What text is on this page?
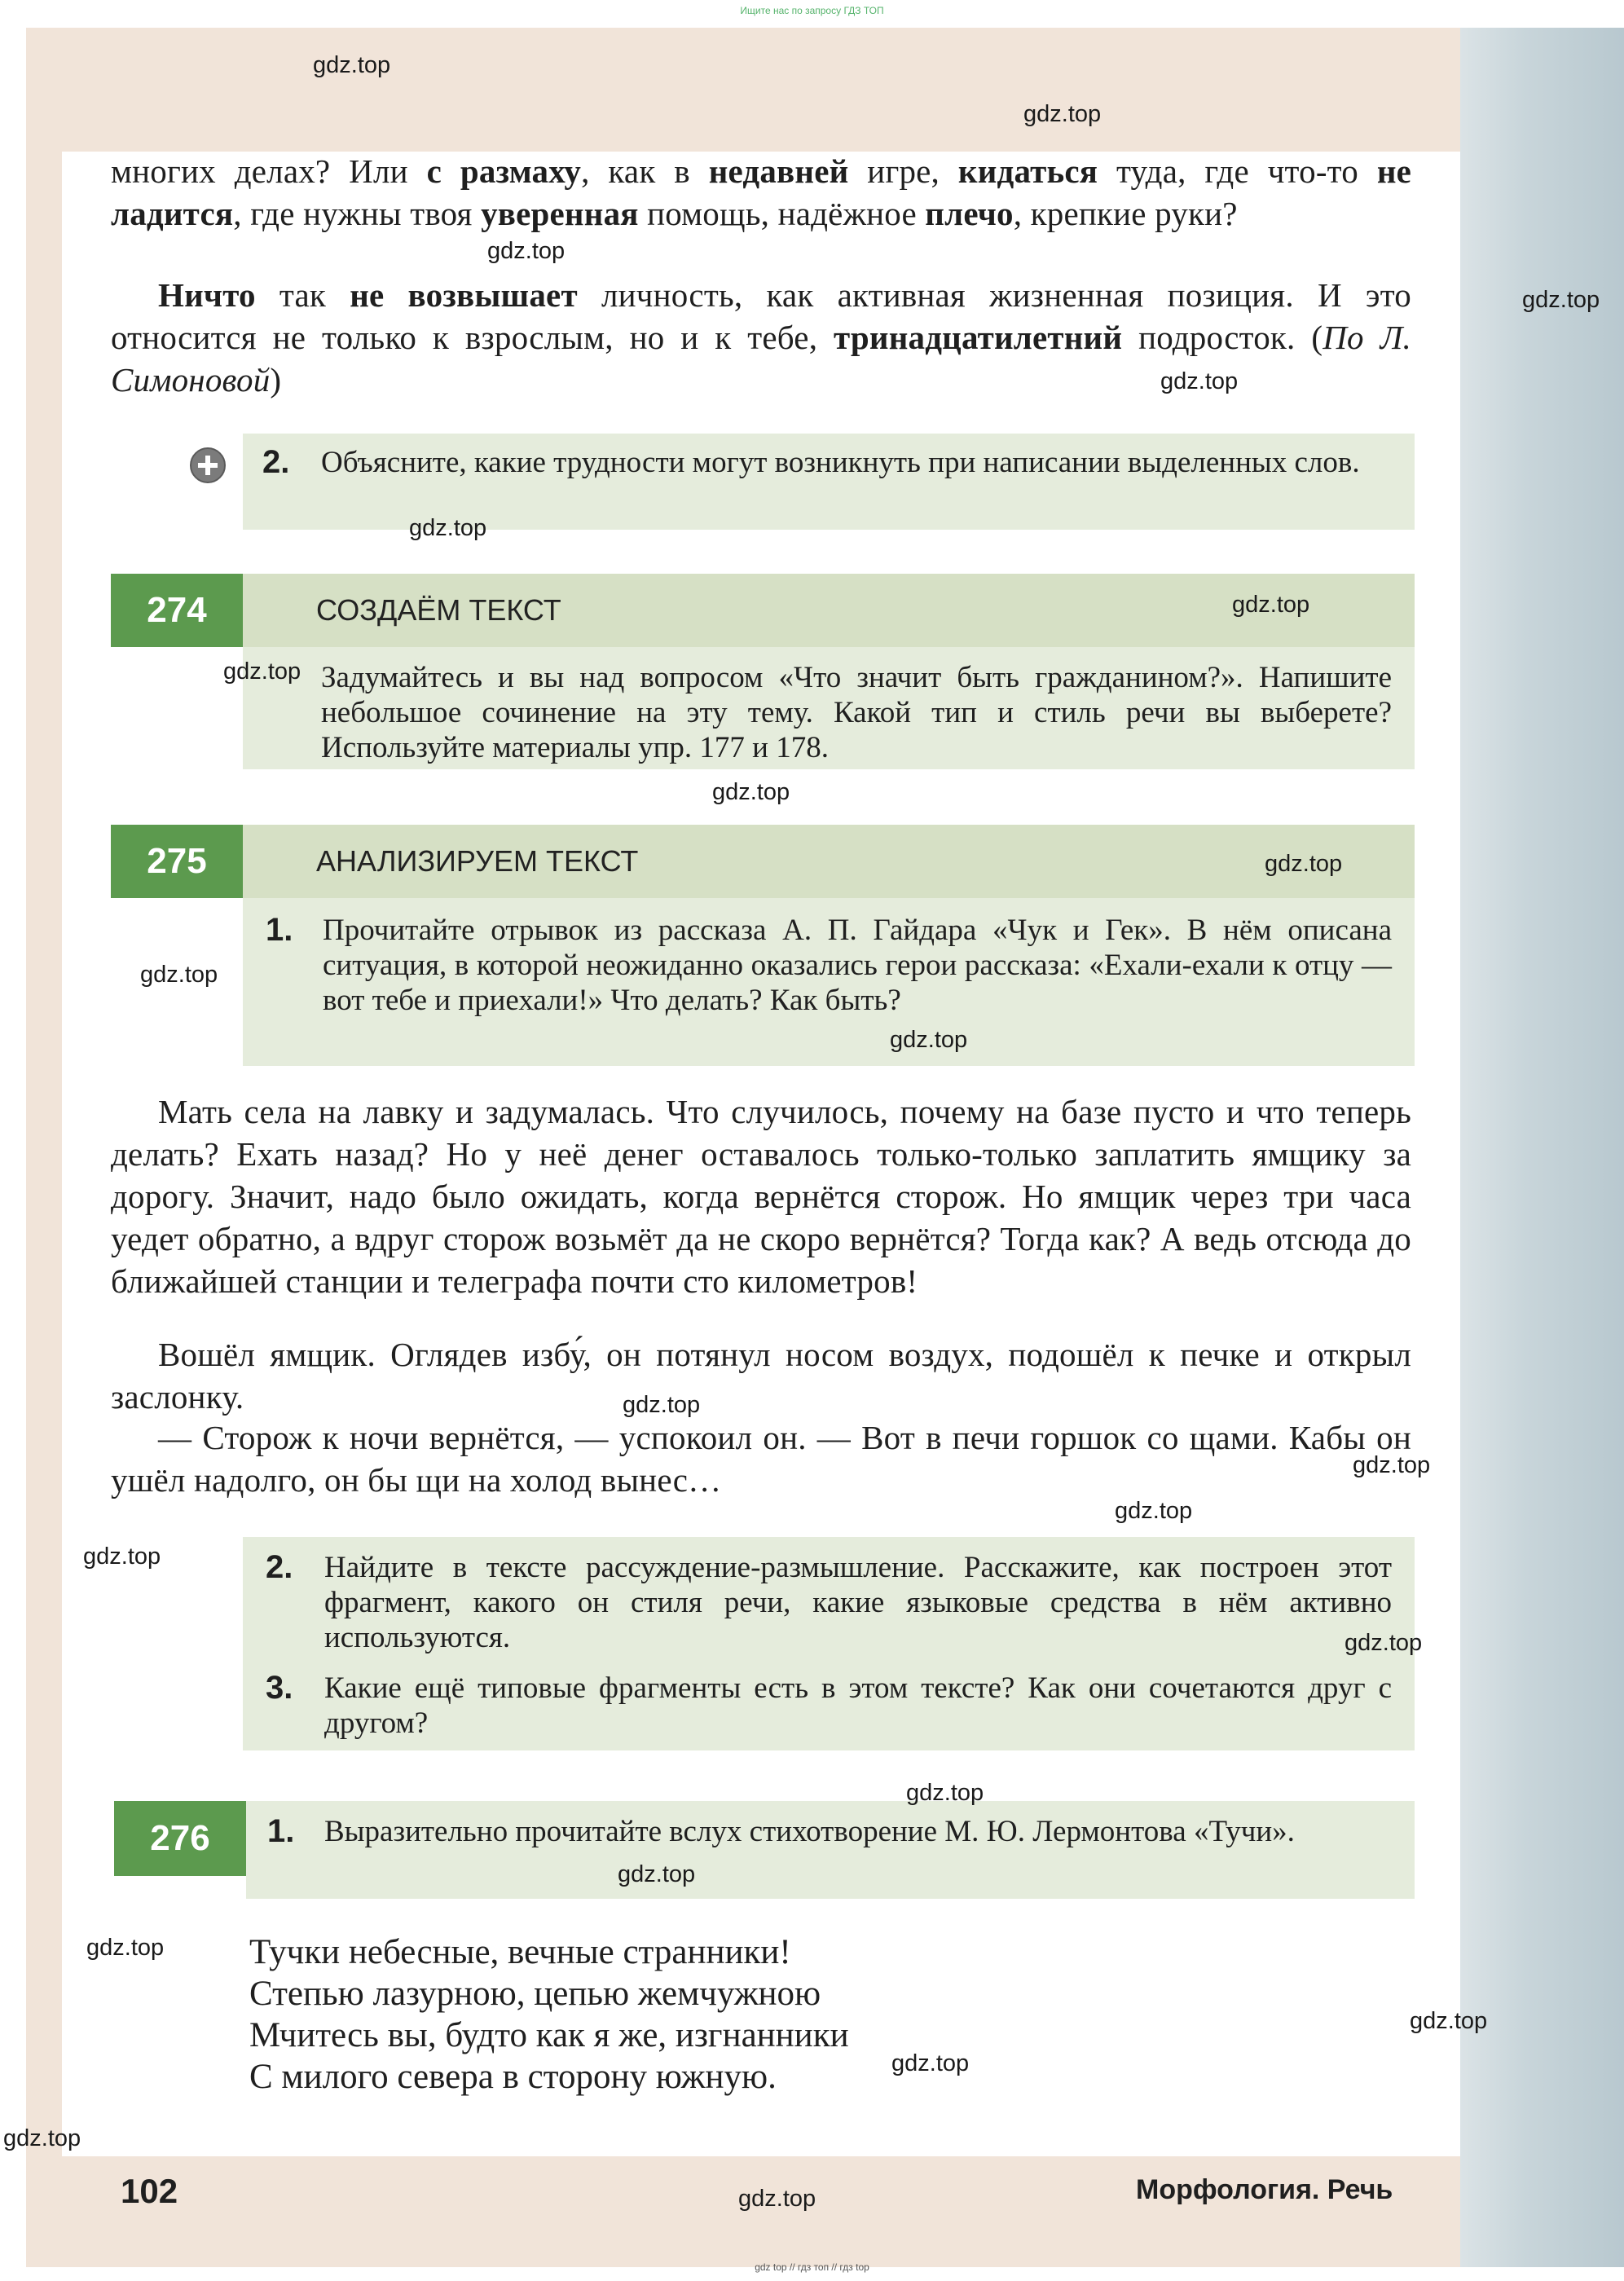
Ищите нас по запросу ГДЗ ТОП
многих делах? Или с размаху, как в недавней игре, кидаться туда, где что-то не ладится, где нужны твоя уверенная помощь, надёжное плечо, крепкие руки?
Ничто так не возвышает личность, как активная жизненная позиция. И это относится не только к взрослым, но и к тебе, тринадцатилетний подросток. (По Л. Симоновой)
2. Объясните, какие трудности могут возникнуть при написании выделенных слов.
274	СОЗДАЁМ ТЕКСТ
Задумайтесь и вы над вопросом «Что значит быть гражданином?». Напишите небольшое сочинение на эту тему. Какой тип и стиль речи вы выберете? Используйте материалы упр. 177 и 178.
275	АНАЛИЗИРУЕМ ТЕКСТ
1. Прочитайте отрывок из рассказа А. П. Гайдара «Чук и Гек». В нём описана ситуация, в которой неожиданно оказались герои рассказа: «Ехали-ехали к отцу — вот тебе и приехали!» Что делать? Как быть?
Мать села на лавку и задумалась. Что случилось, почему на базе пусто и что теперь делать? Ехать назад? Но у неё денег оставалось только-только заплатить ямщику за дорогу. Значит, надо было ожидать, когда вернётся сторож. Но ямщик через три часа уедет обратно, а вдруг сторож возьмёт да не скоро вернётся? Тогда как? А ведь отсюда до ближайшей станции и телеграфа почти сто километров!
Вошёл ямщик. Оглядев избу́, он потянул носом воздух, подошёл к печке и открыл заслонку.
— Сторож к ночи вернётся, — успокоил он. — Вот в печи горшок со щами. Кабы он ушёл надолго, он бы щи на холод вынес…
2. Найдите в тексте рассуждение-размышление. Расскажите, как построен этот фрагмент, какого он стиля речи, какие языковые средства в нём активно используются.
3. Какие ещё типовые фрагменты есть в этом тексте? Как они сочетаются друг с другом?
276	1. Выразительно прочитайте вслух стихотворение М. Ю. Лермонтова «Тучи».
Тучки небесные, вечные странники!
Степью лазурною, цепью жемчужною
Мчитесь вы, будто как я же, изгнанники
С милого севера в сторону южную.
102	Морфология. Речь
gdz top // гдз топ // гдз top
gdz.top
gdz.top
gdz.top
gdz.top
gdz.top
gdz.top
gdz.top
gdz.top
gdz.top
gdz.top
gdz.top
gdz.top
gdz.top
gdz.top
gdz.top
gdz.top
gdz.top
gdz.top
gdz.top
gdz.top
gdz.top
gdz.top
gdz.top
gdz.top
